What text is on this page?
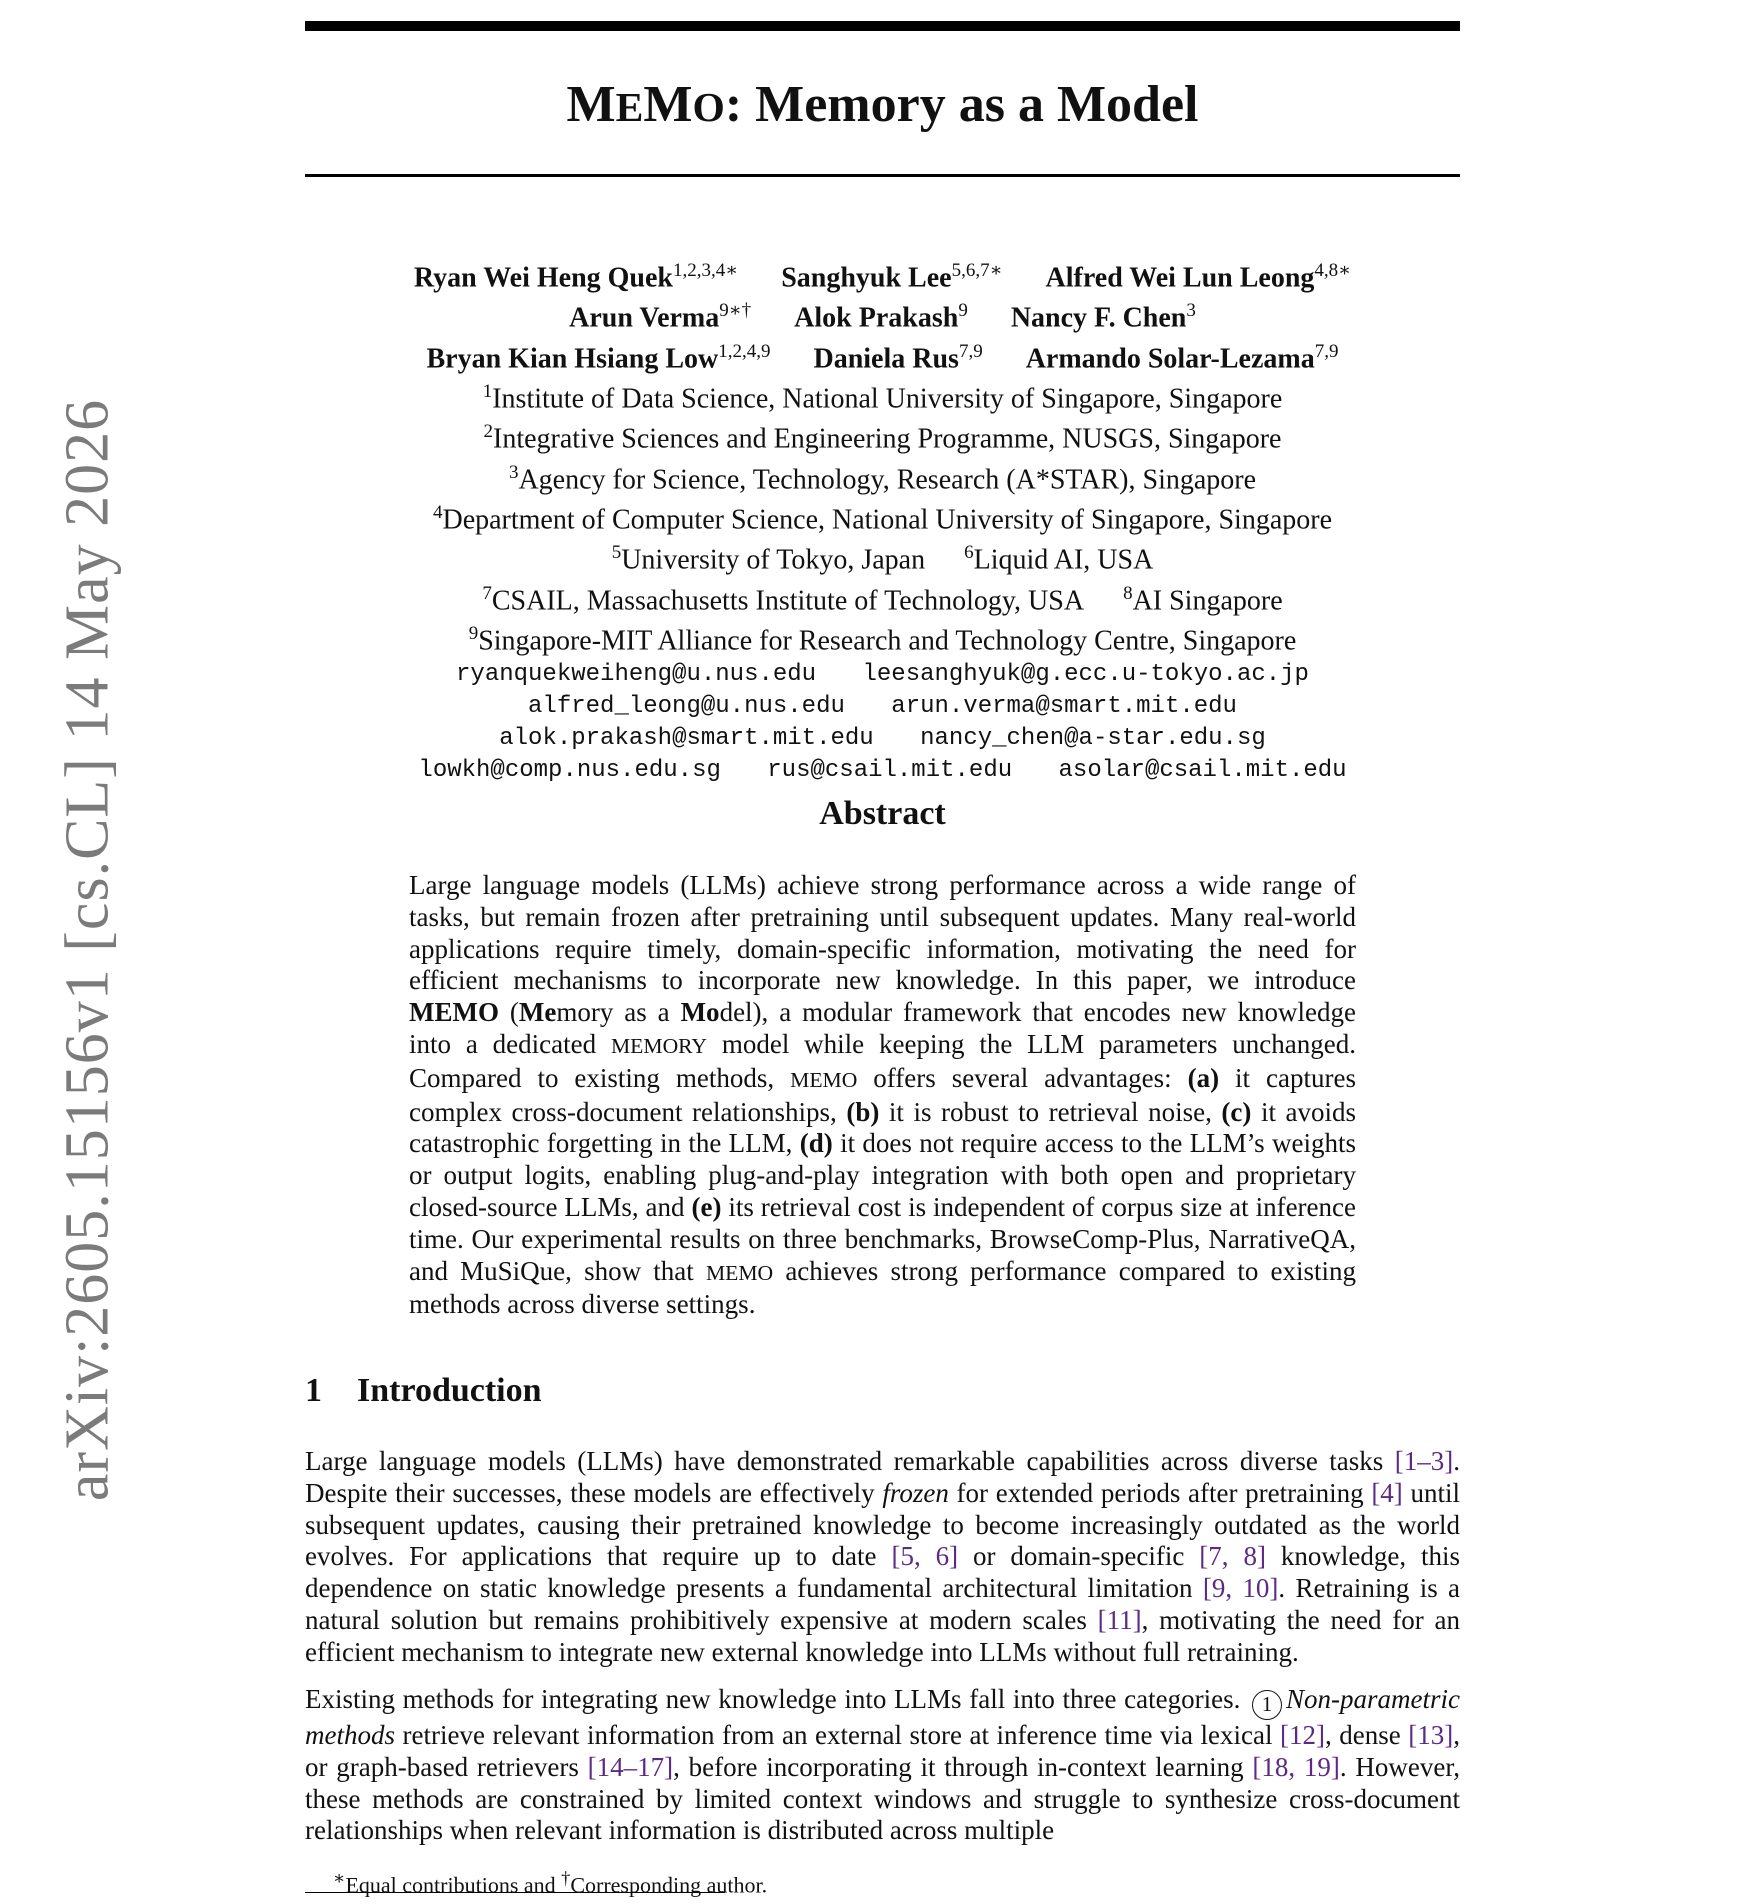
arXiv:2605.15156v1 [cs.CL] 14 May 2026
MEMO: Memory as a Model
Ryan Wei Heng Quek$^{1,2,3,4∗}$ Sanghyuk Lee$^{5,6,7∗}$ Alfred Wei Lun Leong$^{4,8∗}$
Arun Verma$^{9∗\dagger}$ Alok Prakash$^9$ Nancy F. Chen$^3$
Bryan Kian Hsiang Low$^{1,2,4,9}$ Daniela Rus$^{7,9}$ Armando Solar-Lezama$^{7,9}$
$^1$Institute of Data Science, National University of Singapore, Singapore
$^2$Integrative Sciences and Engineering Programme, NUSGS, Singapore
$^3$Agency for Science, Technology, Research (A*STAR), Singapore
$^4$Department of Computer Science, National University of Singapore, Singapore
$^5$University of Tokyo, Japan $^6$Liquid AI, USA
$^7$CSAIL, Massachusetts Institute of Technology, USA $^8$AI Singapore
$^9$Singapore-MIT Alliance for Research and Technology Centre, Singapore
ryanquekweiheng@u.nus.edu leesanghyuk@g.ecc.u-tokyo.ac.jp
alfred_leong@u.nus.edu arun.verma@smart.mit.edu
alok.prakash@smart.mit.edu nancy_chen@a-star.edu.sg
lowkh@comp.nus.edu.sg rus@csail.mit.edu asolar@csail.mit.edu
Abstract
Large language models (LLMs) achieve strong performance across a wide range of tasks, but remain frozen after pretraining until subsequent updates. Many real-world applications require timely, domain-specific information, motivating the need for efficient mechanisms to incorporate new knowledge. In this paper, we introduce MEMO (Memory as a Model), a modular framework that encodes new knowledge into a dedicated MEMORY model while keeping the LLM parameters unchanged. Compared to existing methods, MEMO offers several advantages: (a) it captures complex cross-document relationships, (b) it is robust to retrieval noise, (c) it avoids catastrophic forgetting in the LLM, (d) it does not require access to the LLM’s weights or output logits, enabling plug-and-play integration with both open and proprietary closed-source LLMs, and (e) its retrieval cost is independent of corpus size at inference time. Our experimental results on three benchmarks, BrowseComp-Plus, NarrativeQA, and MuSiQue, show that MEMO achieves strong performance compared to existing methods across diverse settings.
1 Introduction
Large language models (LLMs) have demonstrated remarkable capabilities across diverse tasks [1–3]. Despite their successes, these models are effectively frozen for extended periods after pretraining [4] until subsequent updates, causing their pretrained knowledge to become increasingly outdated as the world evolves. For applications that require up to date [5, 6] or domain-specific [7, 8] knowledge, this dependence on static knowledge presents a fundamental architectural limitation [9, 10]. Retraining is a natural solution but remains prohibitively expensive at modern scales [11], motivating the need for an efficient mechanism to integrate new external knowledge into LLMs without full retraining.
Existing methods for integrating new knowledge into LLMs fall into three categories. 1 Non-parametric methods retrieve relevant information from an external store at inference time via lexical [12], dense [13], or graph-based retrievers [14–17], before incorporating it through in-context learning [18, 19]. However, these methods are constrained by limited context windows and struggle to synthesize cross-document relationships when relevant information is distributed across multiple
∗Equal contributions and †Corresponding author.
